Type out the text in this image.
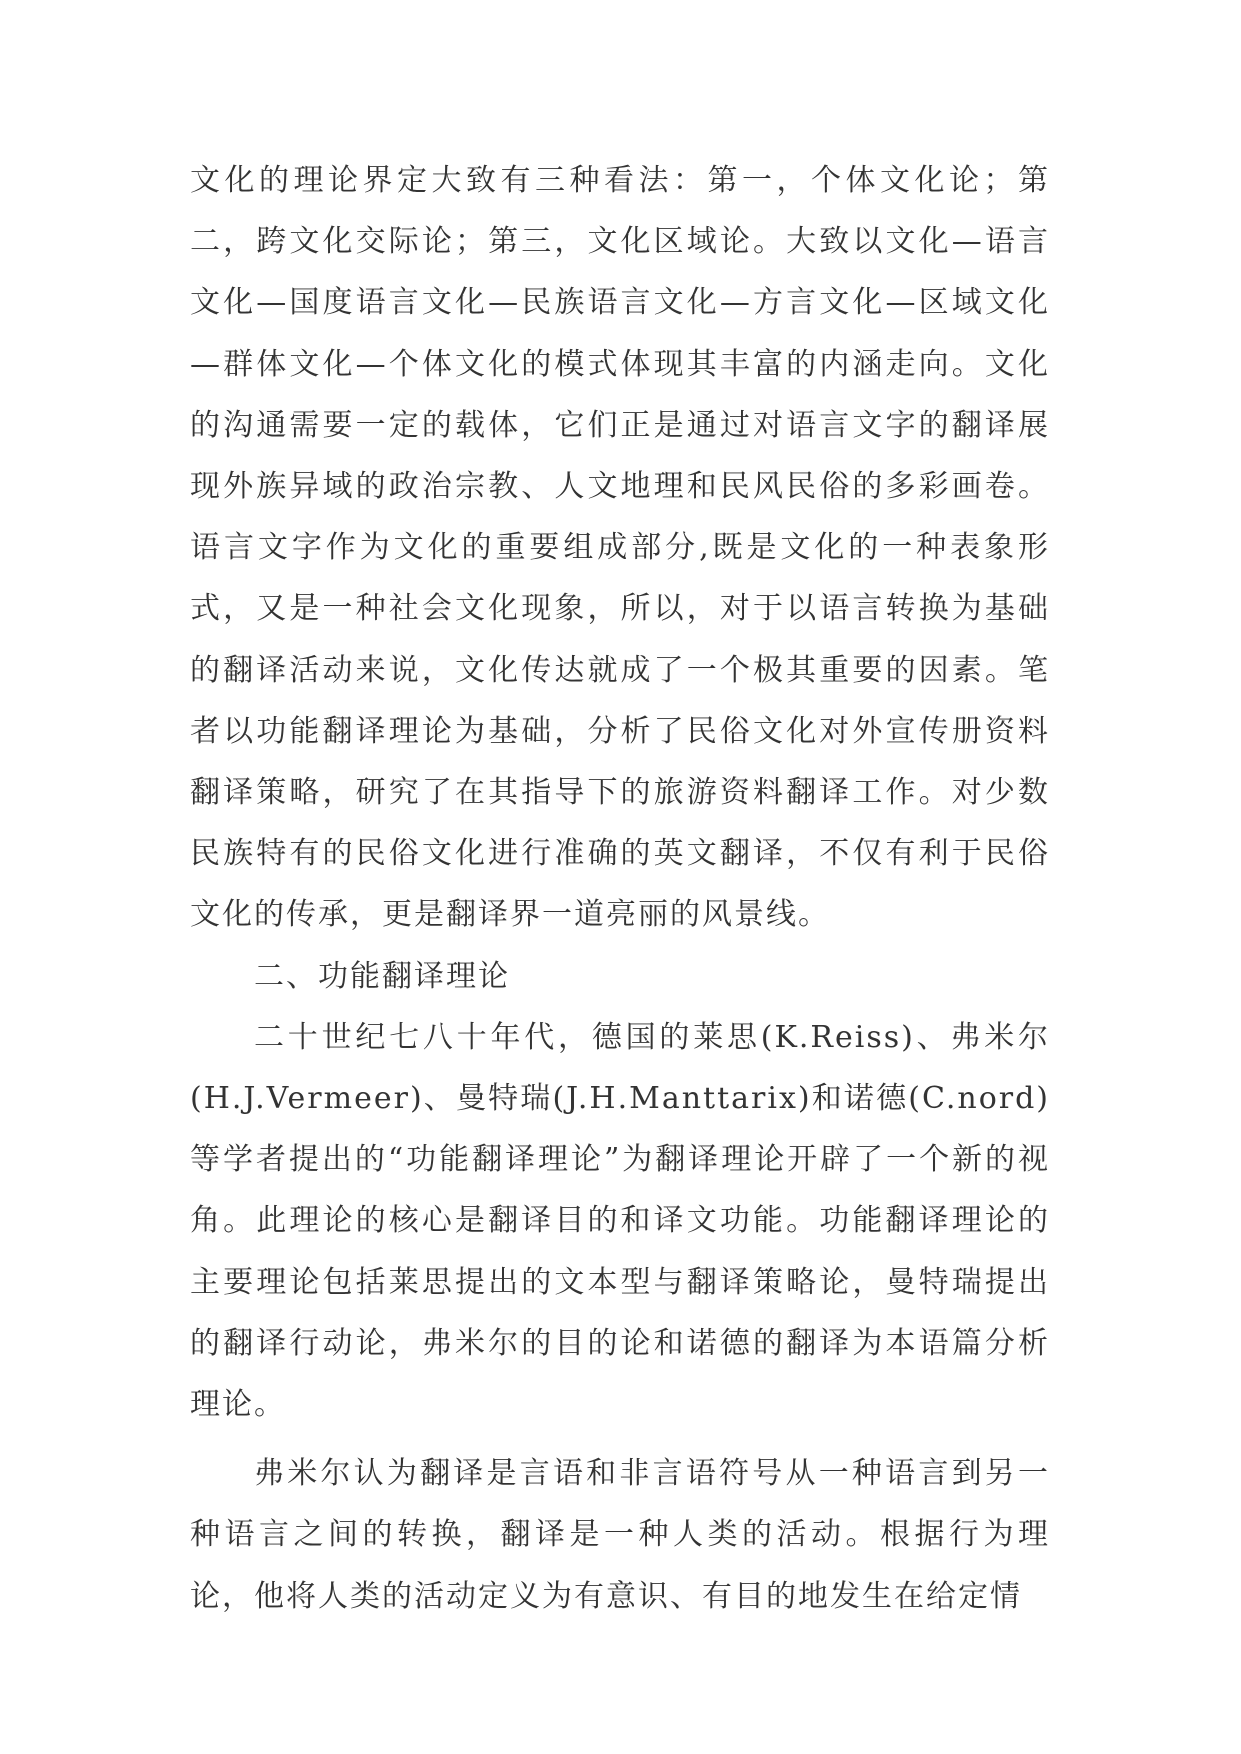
文化的理论界定大致有三种看法：第一，个体文化论；第二，跨文化交际论；第三，文化区域论。大致以文化—语言文化—国度语言文化—民族语言文化—方言文化—区域文化—群体文化—个体文化的模式体现其丰富的内涵走向。文化的沟通需要一定的载体，它们正是通过对语言文字的翻译展现外族异域的政治宗教、人文地理和民风民俗的多彩画卷。语言文字作为文化的重要组成部分,既是文化的一种表象形式，又是一种社会文化现象，所以，对于以语言转换为基础的翻译活动来说，文化传达就成了一个极其重要的因素。笔者以功能翻译理论为基础，分析了民俗文化对外宣传册资料翻译策略，研究了在其指导下的旅游资料翻译工作。对少数民族特有的民俗文化进行准确的英文翻译，不仅有利于民俗文化的传承，更是翻译界一道亮丽的风景线。

二、功能翻译理论

二十世纪七八十年代，德国的莱思(K.Reiss)、弗米尔(H.J.Vermeer)、曼特瑞(J.H.Manttarix)和诺德(C.nord)等学者提出的“功能翻译理论”为翻译理论开辟了一个新的视角。此理论的核心是翻译目的和译文功能。功能翻译理论的主要理论包括莱思提出的文本型与翻译策略论，曼特瑞提出的翻译行动论，弗米尔的目的论和诺德的翻译为本语篇分析理论。

弗米尔认为翻译是言语和非言语符号从一种语言到另一种语言之间的转换，翻译是一种人类的活动。根据行为理论，他将人类的活动定义为有意识、有目的地发生在给定情
